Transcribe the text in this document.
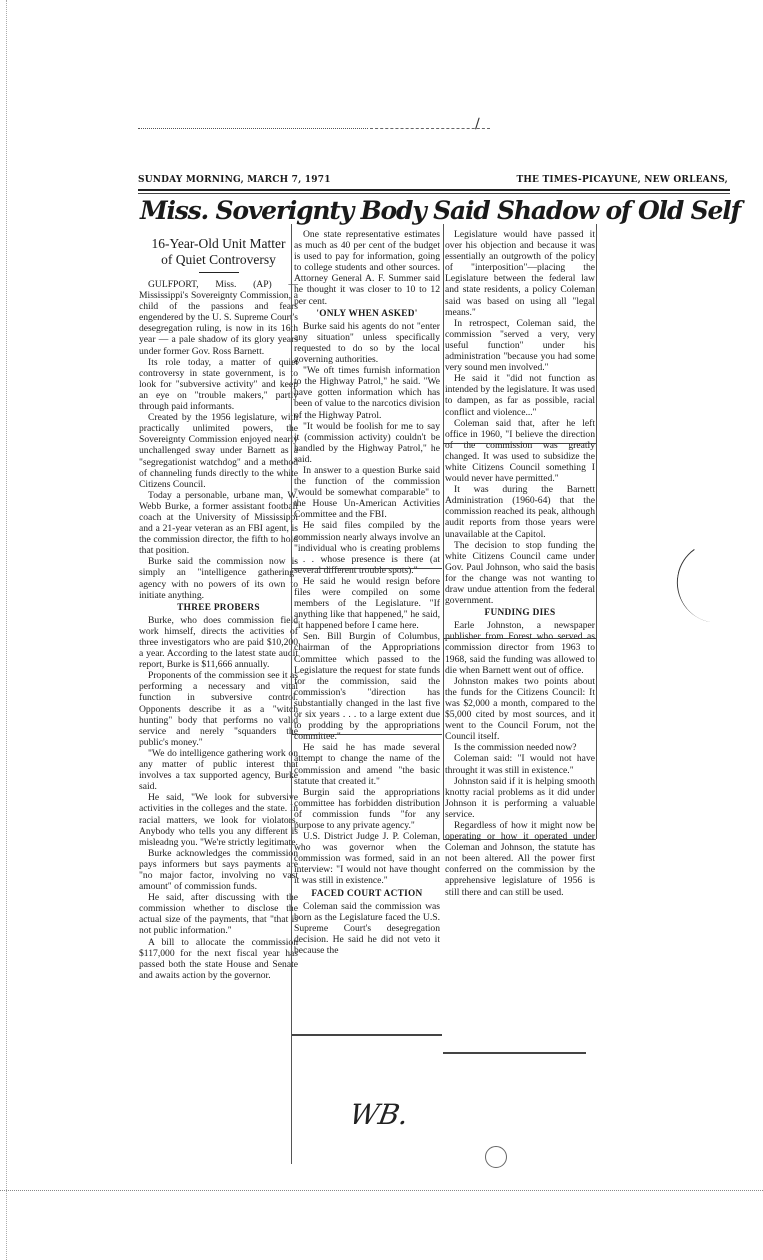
∕
SUNDAY MORNING, MARCH 7, 1971	THE TIMES-PICAYUNE, NEW ORLEANS,
Miss. Soverignty Body Said Shadow of Old Self
16-Year-Old Unit Matter
of Quiet Controversy

GULFPORT, Miss. (AP) — Mississippi's Sovereignty Commission, a child of the passions and fears engendered by the U. S. Supreme Court's desegregation ruling, is now in its 16th year — a pale shadow of its glory years under former Gov. Ross Barnett.

Its role today, a matter of quiet controversy in state government, is to look for "subversive activity" and keep an eye on "trouble makers," partly through paid informants.

Created by the 1956 legislature, with practically unlimited powers, the Sovereignty Commission enjoyed nearly unchallenged sway under Barnett as a "segregationist watchdog" and a method of channeling funds directly to the white Citizens Council.

Today a personable, urbane man, W. Webb Burke, a former assistant football coach at the University of Mississippi and a 21-year veteran as an FBI agent, is the commission director, the fifth to hold that position.

Burke said the commission now is simply an "intelligence gathering" agency with no powers of its own to initiate anything.

THREE PROBERS

Burke, who does commission field work himself, directs the activities of three investigators who are paid $10,200 a year. According to the latest state audit report, Burke is $11,666 annually.

Proponents of the commission see it as performing a necessary and vital function in subversive control. Opponents describe it as a "witch hunting" body that performs no valid service and nerely "squanders the public's money."

"We do intelligence gathering work on any matter of public interest that involves a tax supported agency, Burke said.

He said, "We look for subversive activities in the colleges and the state. In racial matters, we look for violators. Anybody who tells you any different is misleadng you. "We're strictly legitimate.

Burke acknowledges the commission pays informers but says payments are "no major factor, involving no vast amount" of commission funds.

He said, after discussing with the commission whether to disclose the actual size of the payments, that "that is not public information."

A bill to allocate the commission $117,000 for the next fiscal year has passed both the state House and Senate and awaits action by the governor.

One state representative estimates as much as 40 per cent of the budget is used to pay for information, going to college students and other sources. Attorney General A. F. Summer said he thought it was closer to 10 to 12 per cent.

'ONLY WHEN ASKED'

Burke said his agents do not "enter any situation" unless specifically requested to do so by the local governing authorities.

"We oft times furnish information to the Highway Patrol," he said. "We have gotten information which has been of value to the narcotics division of the Highway Patrol.

"It would be foolish for me to say it (commission activity) couldn't be handled by the Highway Patrol," he said.

In answer to a question Burke said the function of the commission "would be somewhat comparable" to the House Un-American Activities Committee and the FBI.

He said files compiled by the commission nearly always involve an "individual who is creating problems . . . whose presence is there (at several different trouble spots)."

He said he would resign before files were compiled on some members of the Legislature. "If anything like that happened," he said, "it happened before I came here.

Sen. Bill Burgin of Columbus, chairman of the Appropriations Committee which passed to the Legislature the request for state funds for the commission, said the commission's "direction has substantially changed in the last five or six years . . . to a large extent due to prodding by the appropriations committee."

He said he has made several attempt to change the name of the commission and amend "the basic statute that created it."

Burgin said the appropriations committee has forbidden distribution of commission funds "for any purpose to any private agency."

U.S. District Judge J. P. Coleman, who was governor when the commission was formed, said in an interview: "I would not have thought it was still in existence."

FACED COURT ACTION

Coleman said the commission was born as the Legislature faced the U.S. Supreme Court's desegregation decision. He said he did not veto it because the

Legislature would have passed it over his objection and because it was essentially an outgrowth of the policy of "interposition"—placing the Legislature between the federal law and state residents, a policy Coleman said was based on using all "legal means."

In retrospect, Coleman said, the commission "served a very, very useful function" under his administration "because you had some very sound men involved."

He said it "did not function as intended by the legislature. It was used to dampen, as far as possible, racial conflict and violence..."

Coleman said that, after he left office in 1960, "I believe the direction of the commission was greatly changed. It was used to subsidize the white Citizens Council something I would never have permitted."

It was during the Barnett Administration (1960-64) that the commission reached its peak, although audit reports from those years were unavailable at the Capitol.

The decision to stop funding the white Citizens Council came under Gov. Paul Johnson, who said the basis for the change was not wanting to draw undue attention from the federal government.

FUNDING DIES

Earle Johnston, a newspaper publisher from Forest who served as commission director from 1963 to 1968, said the funding was allowed to die when Barnett went out of office.

Johnston makes two points about the funds for the Citizens Council: It was $2,000 a month, compared to the $5,000 cited by most sources, and it went to the Council Forum, not the Council itself.

Is the commission needed now?

Coleman said: "I would not have throught it was still in existence."

Johnston said if it is helping smooth knotty racial problems as it did under Johnson it is performing a valuable service.

Regardless of how it might now be operating or how it operated under Coleman and Johnson, the statute has not been altered. All the power first conferred on the commission by the apprehensive legislature of 1956 is still there and can still be used.

WB.
